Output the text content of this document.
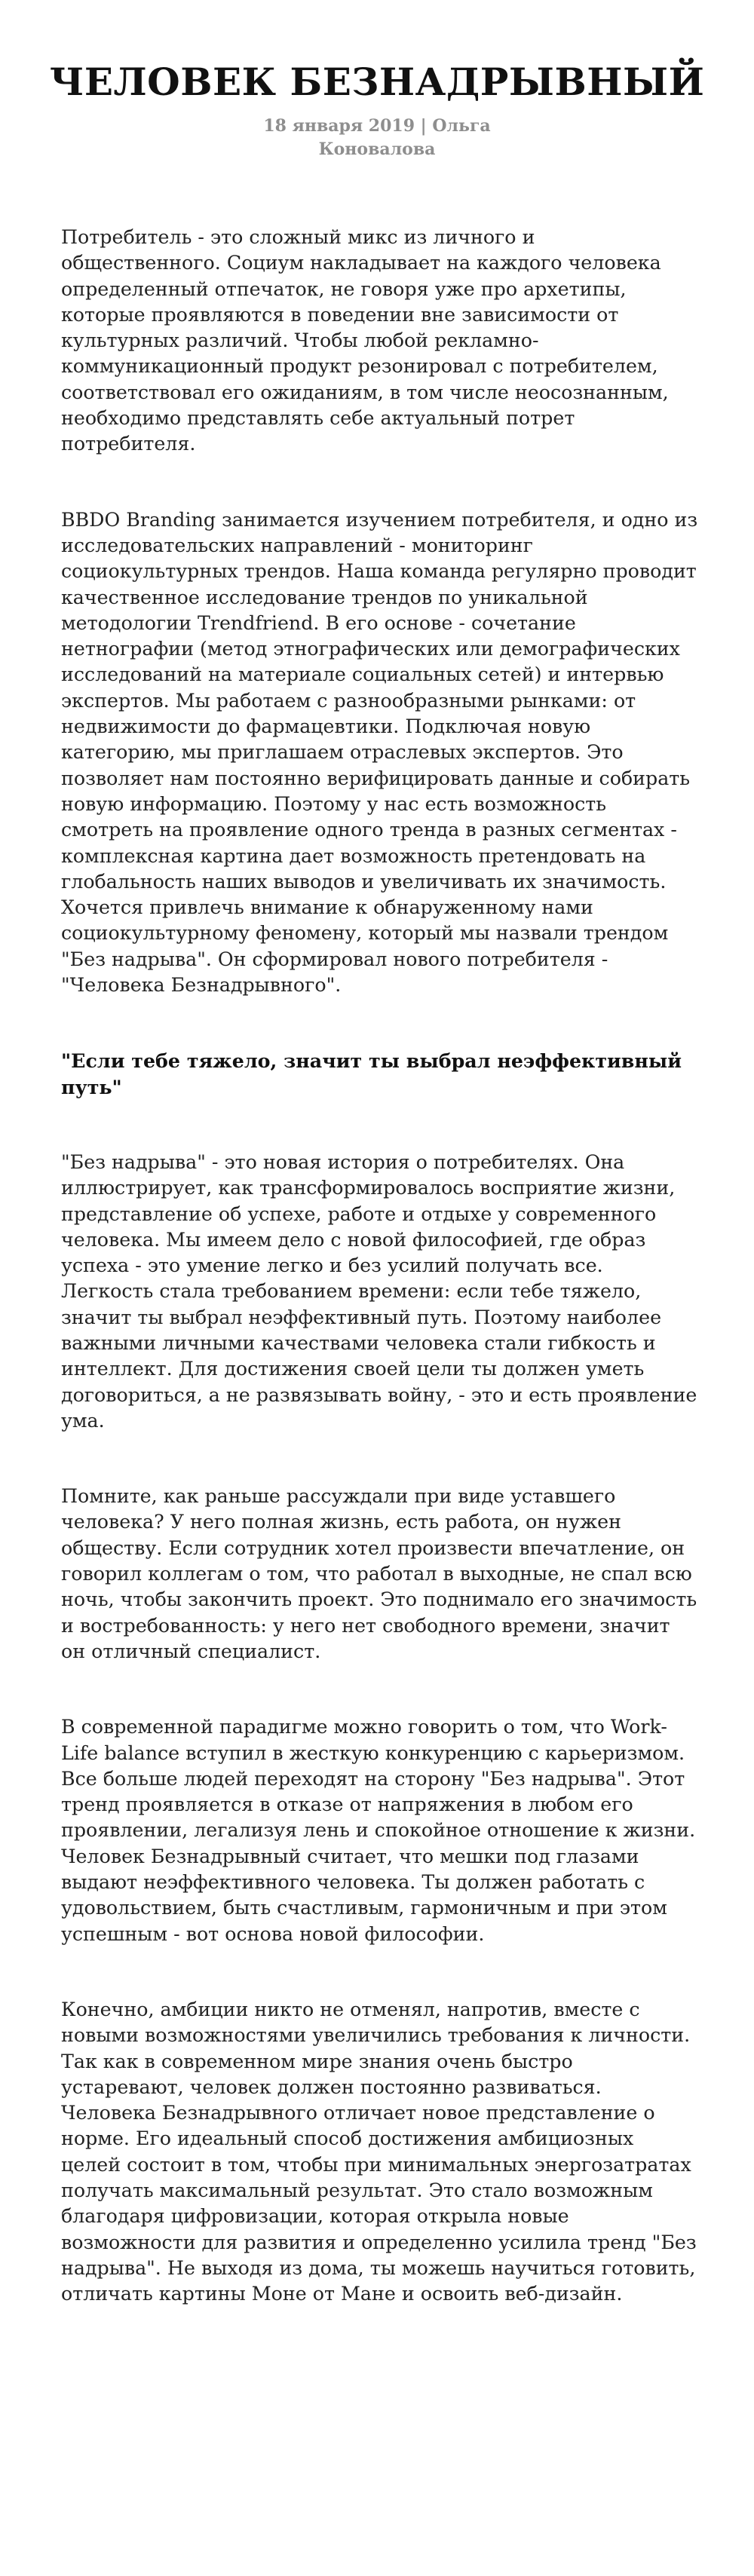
ЧЕЛОВЕК БЕЗНАДРЫВНЫЙ
18 января 2019 | Ольга Коновалова

Потребитель - это сложный микс из личного и общественного. Социум накладывает на каждого человека определенный отпечаток, не говоря уже про архетипы, которые проявляются в поведении вне зависимости от культурных различий. Чтобы любой рекламно-коммуникационный продукт резонировал с потребителем, соответствовал его ожиданиям, в том числе неосознанным, необходимо представлять себе актуальный потрет потребителя.

BBDO Branding занимается изучением потребителя, и одно из исследовательских направлений - мониторинг социокультурных трендов. Наша команда регулярно проводит качественное исследование трендов по уникальной методологии Trendfriend. В его основе - сочетание нетнографии (метод этнографических или демографических исследований на материале социальных сетей) и интервью экспертов. Мы работаем с разнообразными рынками: от недвижимости до фармацевтики. Подключая новую категорию, мы приглашаем отраслевых экспертов. Это позволяет нам постоянно верифицировать данные и собирать новую информацию. Поэтому у нас есть возможность смотреть на проявление одного тренда в разных сегментах - комплексная картина дает возможность претендовать на глобальность наших выводов и увеличивать их значимость. Хочется привлечь внимание к обнаруженному нами социокультурному феномену, который мы назвали трендом "Без надрыва". Он сформировал нового потребителя - "Человека Безнадрывного".

"Если тебе тяжело, значит ты выбрал неэффективный путь"

"Без надрыва" - это новая история о потребителях. Она иллюстрирует, как трансформировалось восприятие жизни, представление об успехе, работе и отдыхе у современного человека. Мы имеем дело с новой философией, где образ успеха - это умение легко и без усилий получать все. Легкость стала требованием времени: если тебе тяжело, значит ты выбрал неэффективный путь. Поэтому наиболее важными личными качествами человека стали гибкость и интеллект. Для достижения своей цели ты должен уметь договориться, а не развязывать войну, - это и есть проявление ума.

Помните, как раньше рассуждали при виде уставшего человека? У него полная жизнь, есть работа, он нужен обществу. Если сотрудник хотел произвести впечатление, он говорил коллегам о том, что работал в выходные, не спал всю ночь, чтобы закончить проект. Это поднимало его значимость и востребованность: у него нет свободного времени, значит он отличный специалист.

В современной парадигме можно говорить о том, что Work-Life balance вступил в жесткую конкуренцию с карьеризмом. Все больше людей переходят на сторону "Без надрыва". Этот тренд проявляется в отказе от напряжения в любом его проявлении, легализуя лень и спокойное отношение к жизни. Человек Безнадрывный считает, что мешки под глазами выдают неэффективного человека. Ты должен работать с удовольствием, быть счастливым, гармоничным и при этом успешным - вот основа новой философии.

Конечно, амбиции никто не отменял, напротив, вместе с новыми возможностями увеличились требования к личности. Так как в современном мире знания очень быстро устаревают, человек должен постоянно развиваться. Человека Безнадрывного отличает новое представление о норме. Его идеальный способ достижения амбициозных целей состоит в том, чтобы при минимальных энергозатратах получать максимальный результат. Это стало возможным благодаря цифровизации, которая открыла новые возможности для развития и определенно усилила тренд "Без надрыва". Не выходя из дома, ты можешь научиться готовить, отличать картины Моне от Мане и освоить веб-дизайн.
